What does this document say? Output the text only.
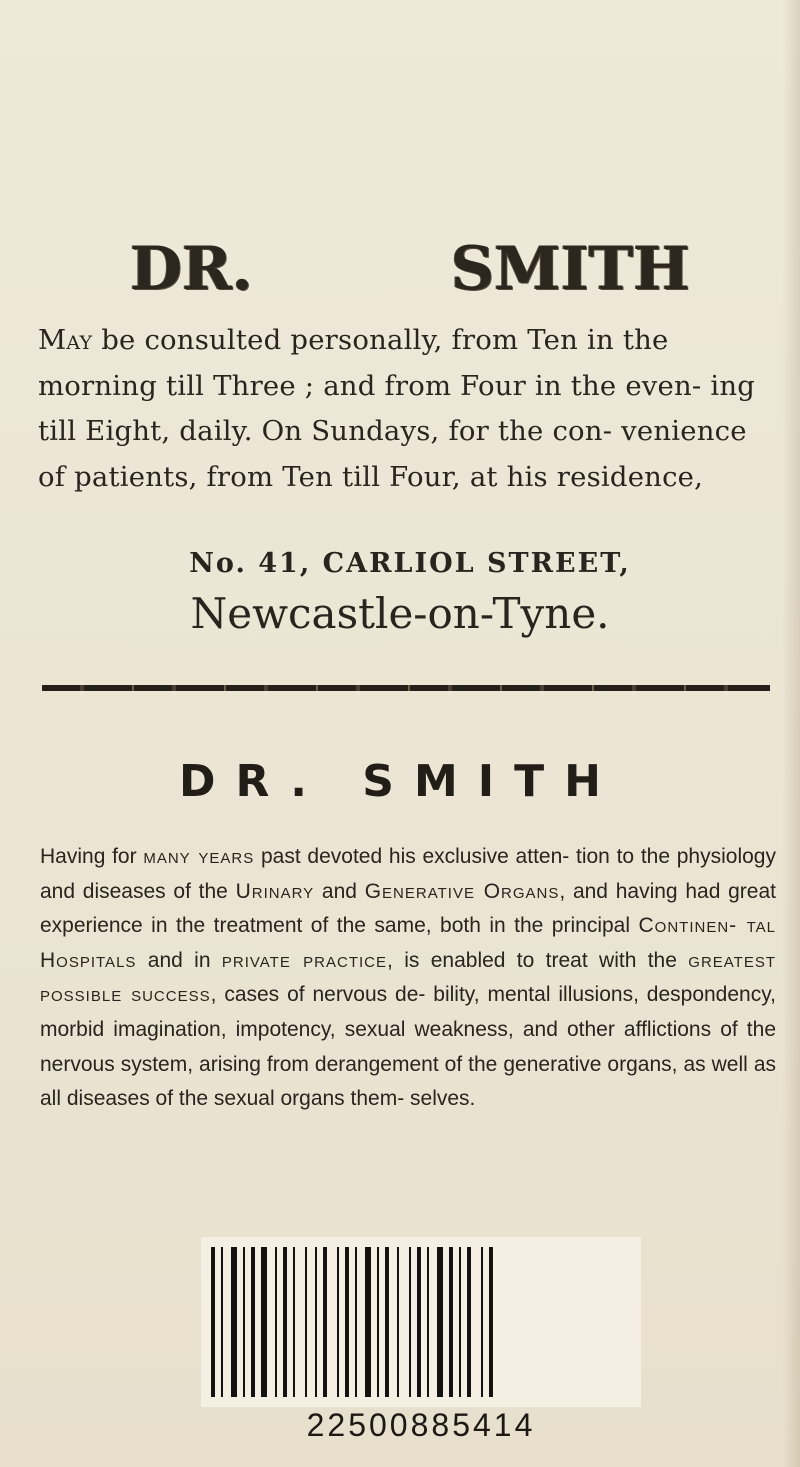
DR.	SMITH
May be consulted personally, from Ten in the morning till Three ; and from Four in the even- ing till Eight, daily. On Sundays, for the con- venience of patients, from Ten till Four, at his residence,
No. 41, CARLIOL STREET,
Newcastle-on-Tyne.
DR. SMITH
Having for many years past devoted his exclusive atten- tion to the physiology and diseases of the Urinary and Generative Organs, and having had great experience in the treatment of the same, both in the principal Continen- tal Hospitals and in private practice, is enabled to treat with the greatest possible success, cases of nervous de- bility, mental illusions, despondency, morbid imagination, impotency, sexual weakness, and other afflictions of the nervous system, arising from derangement of the generative organs, as well as all diseases of the sexual organs them- selves.
22500885414
